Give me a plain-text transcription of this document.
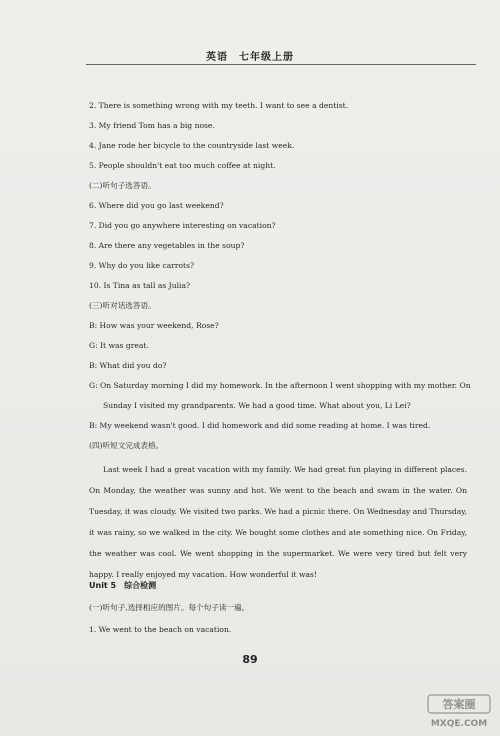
英语　七年级上册
2. There is something wrong with my teeth. I want to see a dentist.
3. My friend Tom has a big nose.
4. Jane rode her bicycle to the countryside last week.
5. People shouldn't eat too much coffee at night.
(二)听句子选答语。
6. Where did you go last weekend?
7. Did you go anywhere interesting on vacation?
8. Are there any vegetables in the soup?
9. Why do you like carrots?
10. Is Tina as tall as Julia?
(三)听对话选答语。
B: How was your weekend, Rose?
G: It was great.
B: What did you do?
G: On Saturday morning I did my homework. In the afternoon I went shopping with my mother. On
Sunday I visited my grandparents. We had a good time. What about you, Li Lei?
B: My weekend wasn't good. I did homework and did some reading at home. I was tired.
(四)听短文完成表格。

Last week I had a great vacation with my family. We had great fun playing in different places. On Monday, the weather was sunny and hot. We went to the beach and swam in the water. On Tuesday, it was cloudy. We visited two parks. We had a picnic there. On Wednesday and Thursday, it was rainy, so we walked in the city. We bought some clothes and ate something nice. On Friday, the weather was cool. We went shopping in the supermarket. We were very tired but felt very happy. I really enjoyed my vacation. How wonderful it was!

Unit 5　综合检测
(一)听句子,选择相应的图片。每个句子读一遍。
1. We went to the beach on vacation.
89
答案圈
MXQE.COM
